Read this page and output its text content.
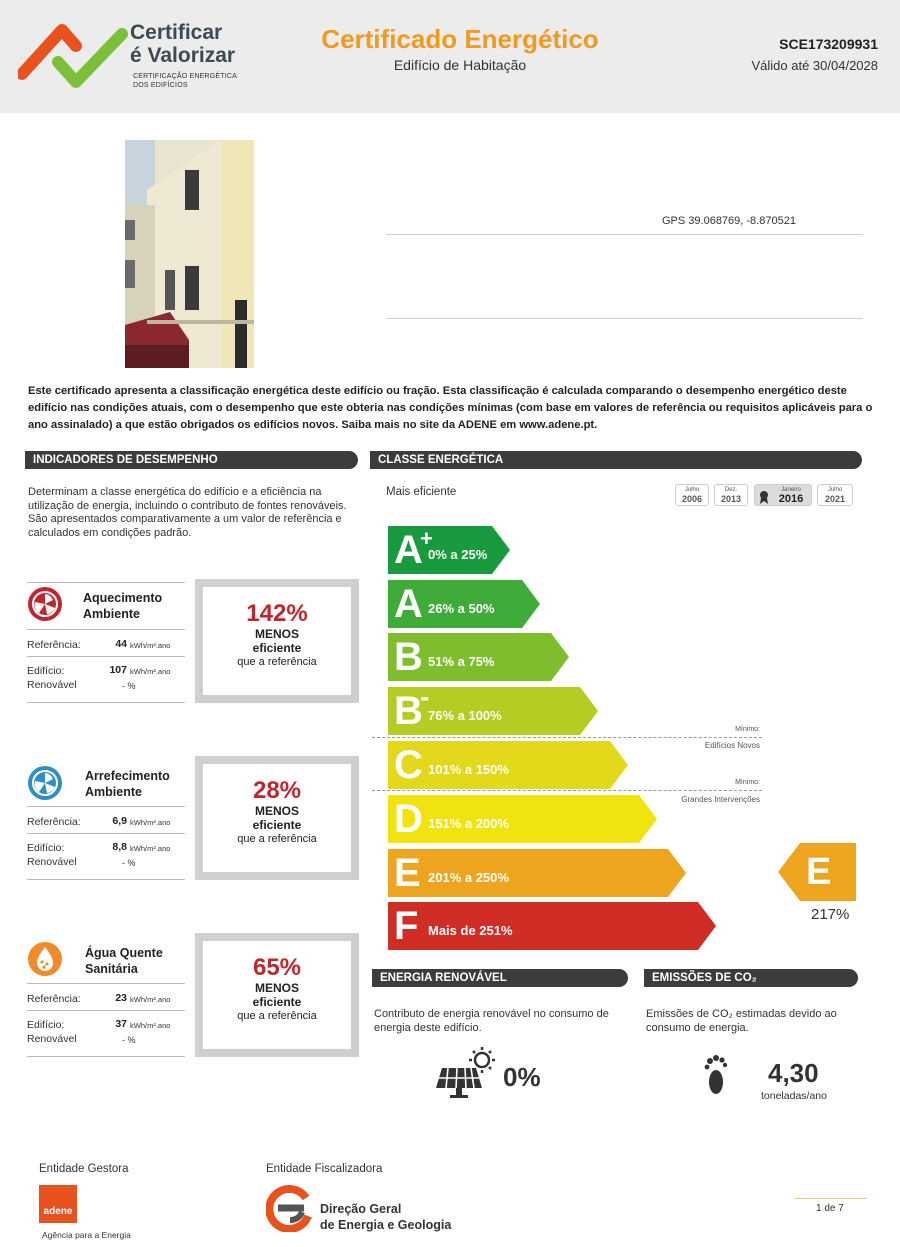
Certificar
é Valorizar
CERTIFICAÇÃO ENERGÉTICA
DOS EDIFÍCIOS
Certificado Energético
Edifício de Habitação
SCE173209931
Válido até 30/04/2028
GPS 39.068769, -8.870521
Este certificado apresenta a classificação energética deste edifício ou fração. Esta classificação é calculada comparando o desempenho energético deste edifício nas condições atuais, com o desempenho que este obteria nas condições mínimas (com base em valores de referência ou requisitos aplicáveis para o ano assinalado) a que estão obrigados os edifícios novos. Saiba mais no site da ADENE em www.adene.pt.
INDICADORES DE DESEMPENHO	CLASSE ENERGÉTICA
Determinam a classe energética do edifício e a eficiência na utilização de energia, incluindo o contributo de fontes renováveis. São apresentados comparativamente a um valor de referência e calculados em condições padrão.
Aquecimento
Ambiente
Referência:	44 kWh/m².ano
Edifício:	107 kWh/m².ano
Renovável	- %
142%
MENOS
eficiente
que a referência
Arrefecimento
Ambiente
Referência:	6,9 kWh/m².ano
Edifício:	8,8 kWh/m².ano
Renovável	- %
28%
MENOS
eficiente
que a referência
Água Quente
Sanitária
Referência:	23 kWh/m².ano
Edifício:	37 kWh/m².ano
Renovável	- %
65%
MENOS
eficiente
que a referência
Mais eficiente	Julho
2006
Dez.
2013
Janeiro
2016
Julho
2021
Mínimo:
Edifícios Novos
Mínimo:
Grandes Intervenções
A
+
0% a 25%
A 26% a 50%
B 51% a 75%
B
-
76% a 100%
C 101% a 150%
D 151% a 200%
E 201% a 250%
F Mais de 251%
E
217%
ENERGIA RENOVÁVEL	EMISSÕES DE CO₂
Contributo de energia renovável no consumo de energia deste edifício.
Emissões de CO₂ estimadas devido ao consumo de energia.
0%	4,30
toneladas/ano
Entidade Gestora
adene
Agência para a Energia
Entidade Fiscalizadora
Direção Geral
de Energia e Geologia
1 de 7
